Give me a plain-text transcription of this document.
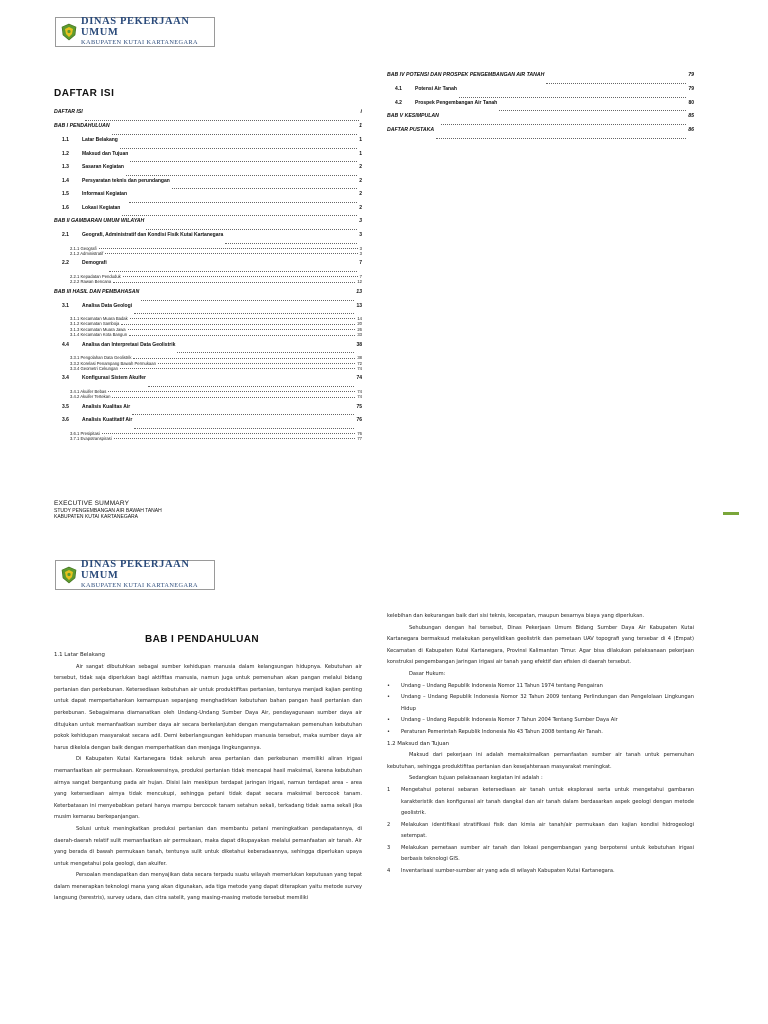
DINAS PEKERJAAN UMUM
KABUPATEN KUTAI KARTANEGARA
DAFTAR ISI
DAFTAR ISI	i
BAB I PENDAHULUAN	1
1.1	Latar Belakang	1
1.2	Maksud dan Tujuan	1
1.3	Sasaran Kegiatan	2
1.4	Persyaratan teknis dan perundangan	2
1.5	Informasi Kegiatan	2
1.6	Lokasi Kegiatan	2
BAB II GAMBARAN UMUM WILAYAH	3
2.1	Geografi, Administratif dan Kondisi Fisik Kutai Kartanegara	3
2.1.1 Geografi	3
2.1.2 Administratif	3
2.2	Demografi	7
2.2.1 Kepadatan Penduduk	7
2.2.2 Rawan Bencana	12
BAB III HASIL DAN PEMBAHASAN	13
3.1	Analisa Data Geologi	13
3.1.1 Kecamatan Muara Badak	14
3.1.2 Kecamatan Samboja	20
3.1.3 Kecamatan Muara Jawa	26
3.1.4 Kecamatan Kota Bangun	33
4.4	Analisa dan Interpretasi Data Geolistrik	38
3.3.1 Pengolahan Data Geolistrik	38
3.3.2 Korelasi Penampang Bawah Permukaan	72
3.3.4 Geometri Cekungan	74
3.4	Konfigurasi Sistem Akuifer	74
3.4.1 Akuifer Bebas	74
3.4.2 Akuifer Tertekan	74
3.5	Analisis Kualitas Air	75
3.6	Analisis Kuatitatif Air	76
3.6.1 Presipitasi	76
3.7.1 Evapotranspirasi	77
BAB IV POTENSI DAN PROSPEK PENGEMBANGAN AIR TANAH	79
4.1	Potensi Air Tanah	79
4.2	Prospek Pengembangan Air Tanah	80
BAB V KESIMPULAN	85
DAFTAR PUSTAKA	86
EXECUTIVE SUMMARY
STUDY PENGEMBANGAN AIR BAWAH TANAH
KABUPATEN KUTAI KARTANEGARA
i
DINAS PEKERJAAN UMUM
KABUPATEN KUTAI KARTANEGARA
BAB I PENDAHULUAN

1.1 Latar Belakang

Air sangat dibutuhkan sebagai sumber kehidupan manusia dalam kelangsungan hidupnya. Kebutuhan air tersebut, tidak saja diperlukan bagi aktifitas manusia, namun juga untuk pemenuhan akan pangan melalui bidang pertanian dan perkebunan. Ketersediaan kebutuhan air untuk produktifitas pertanian, tentunya menjadi kajian penting untuk dapat mempertahankan kemampuan sepanjang menghadirkan kebutuhan bahan pangan hasil pertanian dan perkebunan. Sebagaimana diamanatkan oleh Undang-Undang Sumber Daya Air, pendayagunaan sumber daya air ditujukan untuk memanfaatkan sumber daya air secara berkelanjutan dengan mengutamakan pemenuhan kebutuhan pokok kehidupan masyarakat secara adil. Demi keberlangsungan kehidupan manusia tersebut, maka sumber daya air harus dikelola dengan baik dengan memperhatikan dan menjaga lingkungannya.

Di Kabupaten Kutai Kartanegara tidak seluruh area pertanian dan perkebunan memiliki aliran irigasi memanfaatkan air permukaan. Konsekwensinya, produksi pertanian tidak mencapai hasil maksimal, karena kebutuhan airnya sangat bergantung pada air hujan. Disisi lain meskipun terdapat jaringan irigasi, namun terdapat area – area yang ketersediaan airnya tidak mencukupi, sehingga petani tidak dapat secara maksimal bercocok tanam. Keterbatasan ini menyebabkan petani hanya mampu bercocok tanam setahun sekali, terkadang tidak sama sekali jika musim kemarau berkepanjangan.

Solusi untuk meningkatkan produksi pertanian dan membantu petani meningkatkan pendapatannya, di daerah-daerah relatif sulit memanfaatkan air permukaan, maka dapat dikupayakan melalui pemanfaatan air tanah. Air yang berada di bawah permukaan tanah, tentunya sulit untuk diketahui keberadaannya, sehingga diperlukan upaya untuk mengetahui pola geologi, dan akuifer.

Persoalan mendapatkan dan menyajikan data secara terpadu suatu wilayah memerlukan keputusan yang tepat dalam menerapkan teknologi mana yang akan digunakan, ada tiga metode yang dapat diterapkan yaitu metode survey langsung (terestris), survey udara, dan citra satelit, yang masing-masing metode tersebut memiliki

kelebihan dan kekurangan baik dari sisi teknis, kecepatan, maupun besarnya biaya yang diperlukan.

Sehubungan dengan hal tersebut, Dinas Pekerjaan Umum Bidang Sumber Daya Air Kabupaten Kutai Kartanegara bermaksud melakukan penyelidikan geolistrik dan pemetaan UAV topografi yang tersebar di 4 (Empat) Kecamatan di Kabupaten Kutai Kartanegara, Provinsi Kalimantan Timur. Agar bisa dilakukan pelaksanaan pekerjaan konstruksi pengembangan jaringan irigasi air tanah yang efektif dan efisien di daerah tersebut.

Dasar Hukum:

•	Undang – Undang Republik Indonesia Nomor 11 Tahun 1974 tentang Pengairan
•	Undang – Undang Republik Indonesia Nomor 32 Tahun 2009 tentang Perlindungan dan Pengelolaan Lingkungan Hidup
•	Undang – Undang Republik Indonesia Nomor 7 Tahun 2004 Tentang Sumber Daya Air
•	Peraturan Pemerintah Republik Indonesia No 43 Tahun 2008 tentang Air Tanah.

1.2 Maksud dan Tujuan

Maksud dari pekerjaan ini adalah memaksimalkan pemanfaatan sumber air tanah untuk pemenuhan kebutuhan, sehingga produktifitas pertanian dan kesejahteraan masyarakat meningkat.

Sedangkan tujuan pelaksanaan kegiatan ini adalah :

1	Mengetahui potensi sebaran ketersediaan air tanah untuk eksplorasi serta untuk mengetahui gambaran karakteristik dan konfigurasi air tanah dangkal dan air tanah dalam berdasarkan aspek geologi dengan metode geolistrik.
2	Melakukan identifikasi stratifikasi fisik dan kimia air tanah/air permukaan dan kajian kondisi hidrogeologi setempat.
3	Melakukan pemetaan sumber air tanah dan lokasi pengembangan yang berpotensi untuk kebutuhan irigasi berbasis teknologi GIS.
4	Inventarisasi sumber-sumber air yang ada di wilayah Kabupaten Kutai Kartanegara.
